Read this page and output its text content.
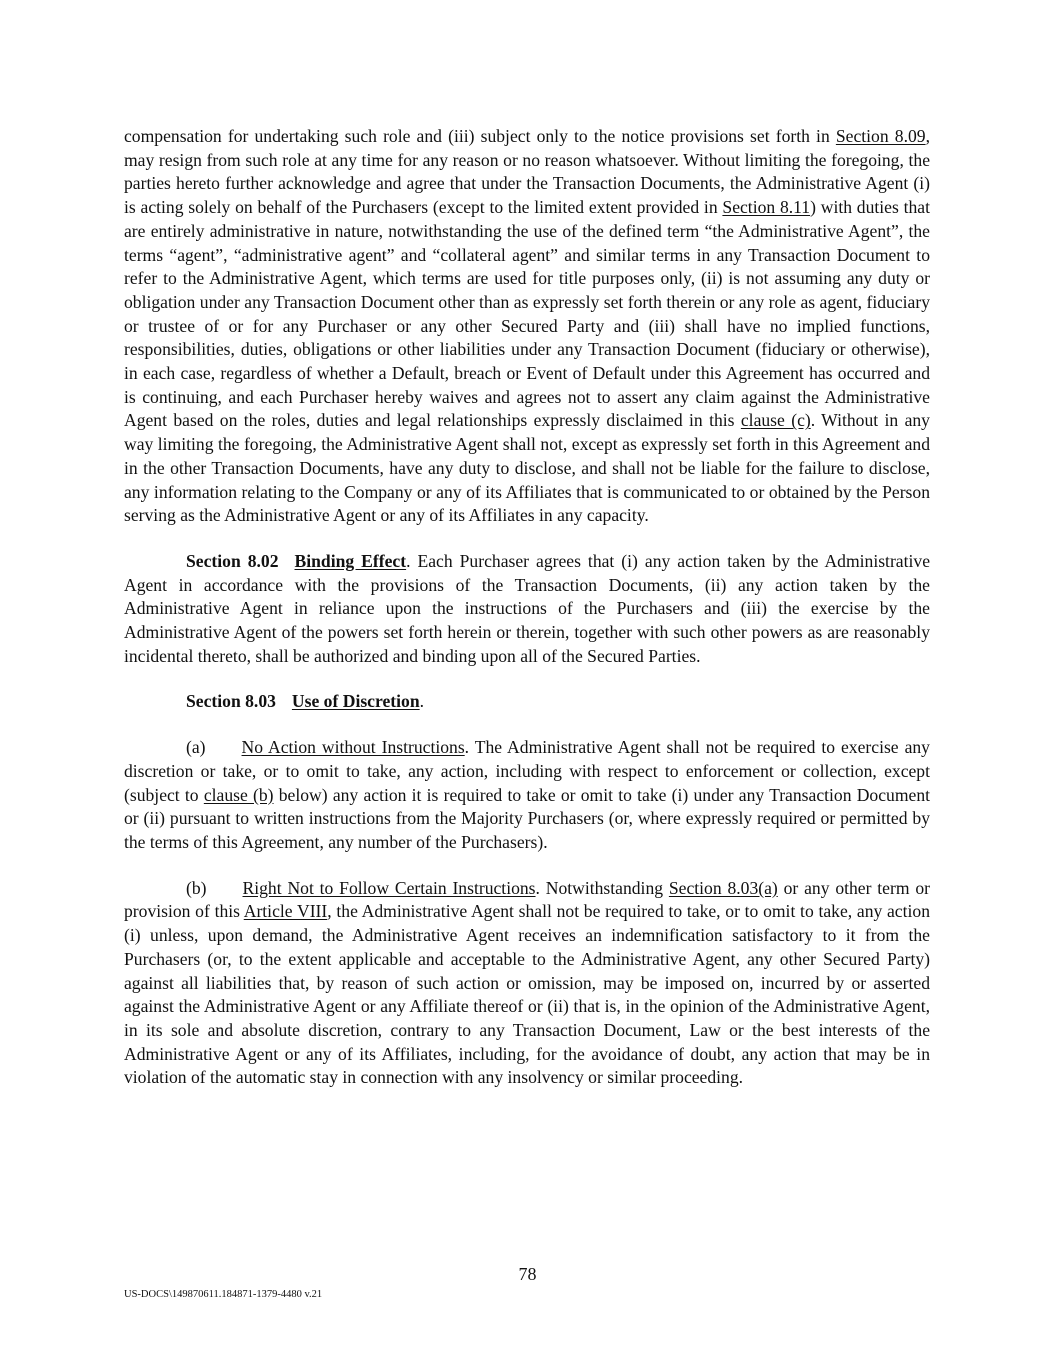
compensation for undertaking such role and (iii) subject only to the notice provisions set forth in Section 8.09, may resign from such role at any time for any reason or no reason whatsoever. Without limiting the foregoing, the parties hereto further acknowledge and agree that under the Transaction Documents, the Administrative Agent (i) is acting solely on behalf of the Purchasers (except to the limited extent provided in Section 8.11) with duties that are entirely administrative in nature, notwithstanding the use of the defined term “the Administrative Agent”, the terms “agent”, “administrative agent” and “collateral agent” and similar terms in any Transaction Document to refer to the Administrative Agent, which terms are used for title purposes only, (ii) is not assuming any duty or obligation under any Transaction Document other than as expressly set forth therein or any role as agent, fiduciary or trustee of or for any Purchaser or any other Secured Party and (iii) shall have no implied functions, responsibilities, duties, obligations or other liabilities under any Transaction Document (fiduciary or otherwise), in each case, regardless of whether a Default, breach or Event of Default under this Agreement has occurred and is continuing, and each Purchaser hereby waives and agrees not to assert any claim against the Administrative Agent based on the roles, duties and legal relationships expressly disclaimed in this clause (c). Without in any way limiting the foregoing, the Administrative Agent shall not, except as expressly set forth in this Agreement and in the other Transaction Documents, have any duty to disclose, and shall not be liable for the failure to disclose, any information relating to the Company or any of its Affiliates that is communicated to or obtained by the Person serving as the Administrative Agent or any of its Affiliates in any capacity.

Section 8.02 Binding Effect. Each Purchaser agrees that (i) any action taken by the Administrative Agent in accordance with the provisions of the Transaction Documents, (ii) any action taken by the Administrative Agent in reliance upon the instructions of the Purchasers and (iii) the exercise by the Administrative Agent of the powers set forth herein or therein, together with such other powers as are reasonably incidental thereto, shall be authorized and binding upon all of the Secured Parties.

Section 8.03 Use of Discretion.

(a) No Action without Instructions. The Administrative Agent shall not be required to exercise any discretion or take, or to omit to take, any action, including with respect to enforcement or collection, except (subject to clause (b) below) any action it is required to take or omit to take (i) under any Transaction Document or (ii) pursuant to written instructions from the Majority Purchasers (or, where expressly required or permitted by the terms of this Agreement, any number of the Purchasers).

(b) Right Not to Follow Certain Instructions. Notwithstanding Section 8.03(a) or any other term or provision of this Article VIII, the Administrative Agent shall not be required to take, or to omit to take, any action (i) unless, upon demand, the Administrative Agent receives an indemnification satisfactory to it from the Purchasers (or, to the extent applicable and acceptable to the Administrative Agent, any other Secured Party) against all liabilities that, by reason of such action or omission, may be imposed on, incurred by or asserted against the Administrative Agent or any Affiliate thereof or (ii) that is, in the opinion of the Administrative Agent, in its sole and absolute discretion, contrary to any Transaction Document, Law or the best interests of the Administrative Agent or any of its Affiliates, including, for the avoidance of doubt, any action that may be in violation of the automatic stay in connection with any insolvency or similar proceeding.

78
US-DOCS\149870611.184871-1379-4480 v.21
